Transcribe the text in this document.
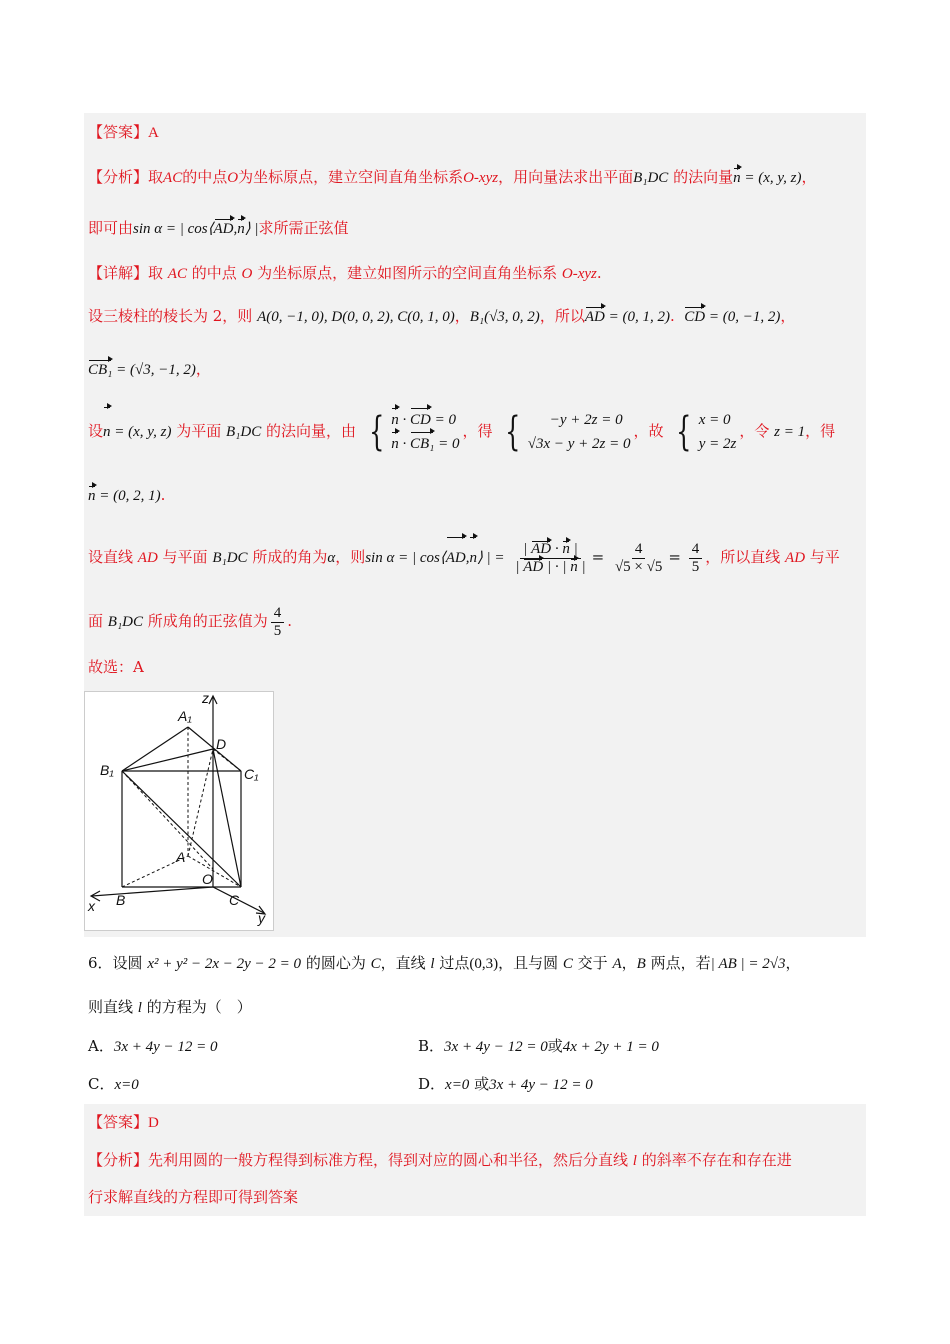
【答案】A
【分析】取AC的中点O为坐标原点，建立空间直角坐标系O-xyz，用向量法求出平面B₁DC 的法向量n = (x, y, z)，
即可由sin α = | cos⟨AD,n⟩ |求所需正弦值
【详解】取 AC 的中点 O 为坐标原点，建立如图所示的空间直角坐标系 O-xyz.
设三棱柱的棱长为 2，则 A(0, −1, 0), D(0, 0, 2), C(0, 1, 0)，B₁(√3, 0, 2)，所以AD = (0, 1, 2). CD = (0, −1, 2)，
CB₁ = (√3, −1, 2)，
设n = (x, y, z) 为平面 B₁DC 的法向量，由 { n · CD = 0
n · CB₁ = 0
，得 {	−y + 2z = 0
√3x − y + 2z = 0
，故 { x = 0
y = 2z
，令 z = 1，得
n = (0, 2, 1).
设直线 AD 与平面 B₁DC 所成的角为α，则sin α = | cos⟨AD,n⟩ | = $\frac{| AD \cdot n |}{| AD | \cdot | n |} = \frac{4}{√5 \times √5} = \frac{4}{5}$ ，所以直线 AD 与平
面 B₁DC 所成角的正弦值为 $\frac{4}{5}$ .
故选：A
z
A₁
D
B₁	C₁
A
O
x B	C
y
6．设圆 x² + y² − 2x − 2y − 2 = 0 的圆心为 C，直线 l 过点(0,3)，且与圆 C 交于 A，B 两点，若| AB | = 2√3，
则直线 l 的方程为（　）
A．3x + 4y − 12 = 0	B．3x + 4y − 12 = 0或4x + 2y + 1 = 0
C．x=0	D．x=0 或3x + 4y − 12 = 0
【答案】D
【分析】先利用圆的一般方程得到标准方程，得到对应的圆心和半径，然后分直线 l 的斜率不存在和存在进
行求解直线的方程即可得到答案
